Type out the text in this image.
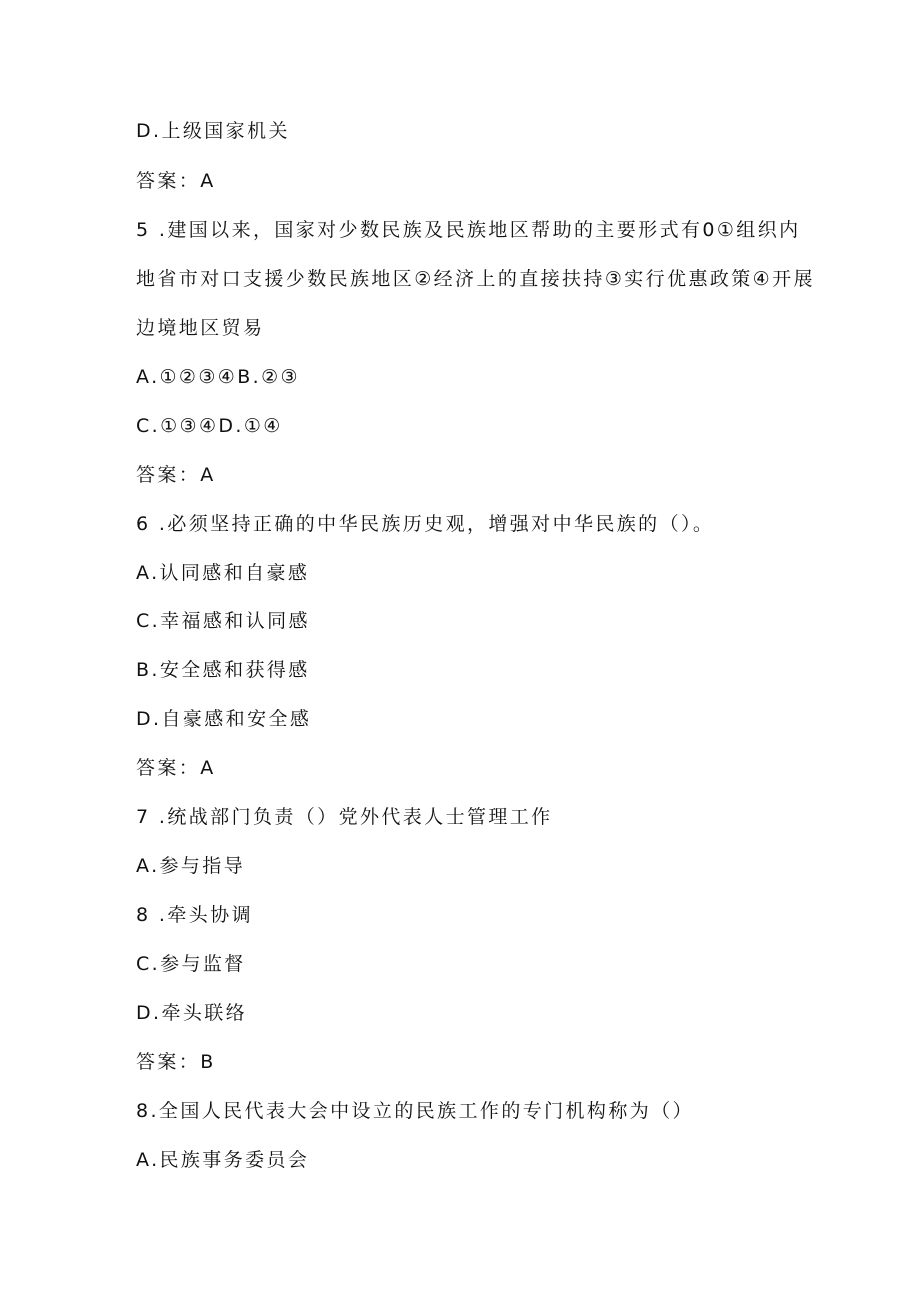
D.上级国家机关
答案：A
5 .建国以来，国家对少数民族及民族地区帮助的主要形式有0①组织内
地省市对口支援少数民族地区②经济上的直接扶持③实行优惠政策④开展
边境地区贸易
A.①②③④B.②③
C.①③④D.①④
答案：A
6 .必须坚持正确的中华民族历史观，增强对中华民族的（）。
A.认同感和自豪感
C.幸福感和认同感
B.安全感和获得感
D.自豪感和安全感
答案：A
7 .统战部门负责（）党外代表人士管理工作
A.参与指导
8 .牵头协调
C.参与监督
D.牵头联络
答案：B
8.全国人民代表大会中设立的民族工作的专门机构称为（）
A.民族事务委员会
